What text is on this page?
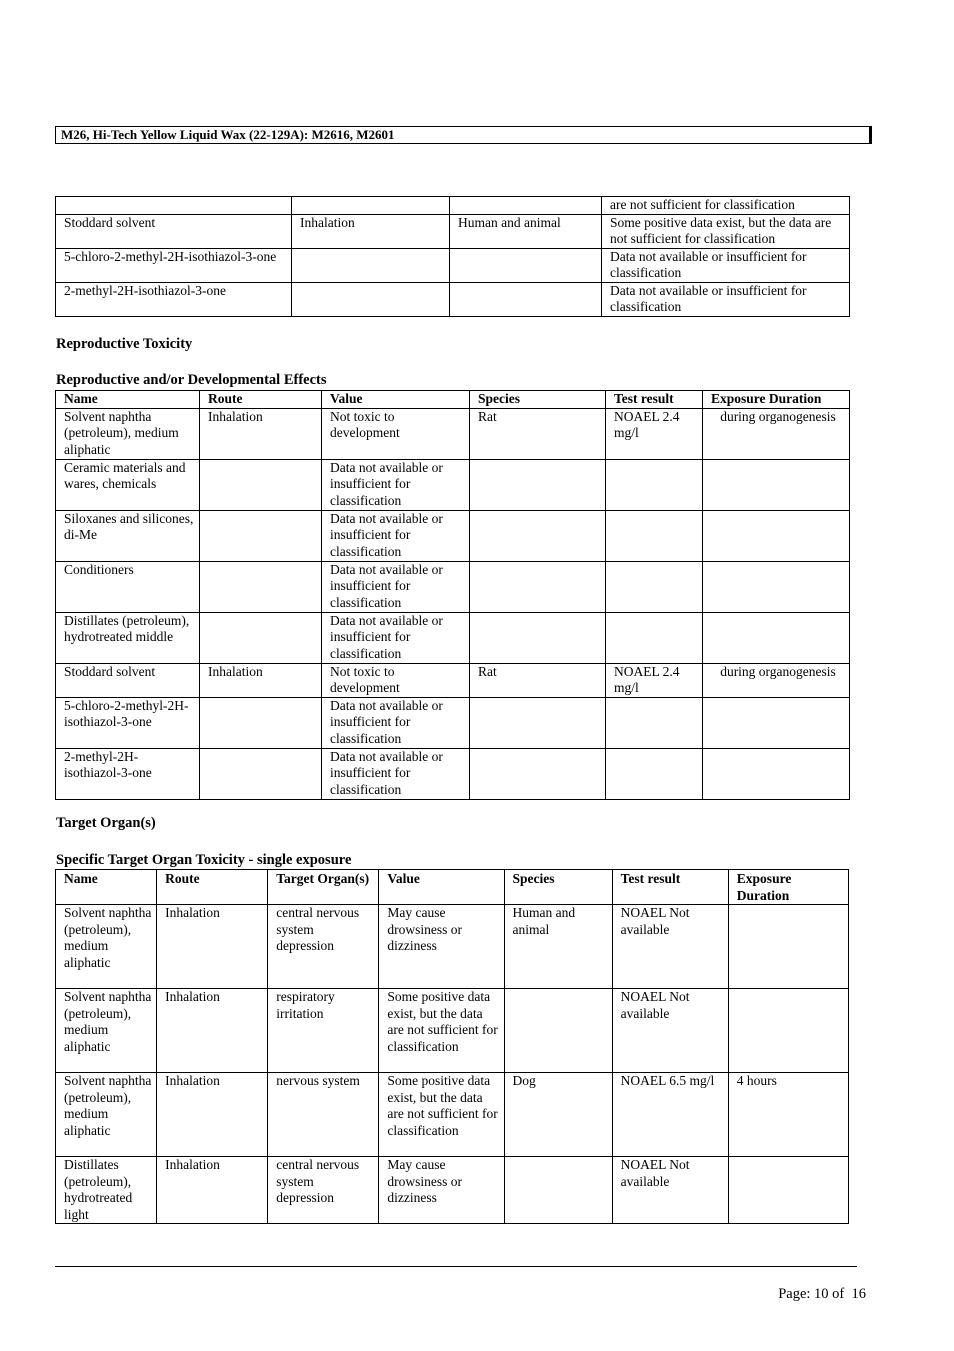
M26, Hi-Tech Yellow Liquid Wax (22-129A): M2616, M2601
			are not sufficient for classification
Stoddard solvent	Inhalation	Human and animal	Some positive data exist, but the data are not sufficient for classification
5-chloro-2-methyl-2H-isothiazol-3-one			Data not available or insufficient for classification
2-methyl-2H-isothiazol-3-one			Data not available or insufficient for classification
Reproductive Toxicity
Reproductive and/or Developmental Effects
Name	Route	Value	Species	Test result	Exposure Duration
Solvent naphtha (petroleum), medium aliphatic	Inhalation	Not toxic to development	Rat	NOAEL 2.4 mg/l	during organogenesis
Ceramic materials and wares, chemicals		Data not available or insufficient for classification			
Siloxanes and silicones, di-Me		Data not available or insufficient for classification			
Conditioners		Data not available or insufficient for classification			
Distillates (petroleum), hydrotreated middle		Data not available or insufficient for classification			
Stoddard solvent	Inhalation	Not toxic to development	Rat	NOAEL 2.4 mg/l	during organogenesis
5-chloro-2-methyl-2H-isothiazol-3-one		Data not available or insufficient for classification			
2-methyl-2H-isothiazol-3-one		Data not available or insufficient for classification			
Target Organ(s)
Specific Target Organ Toxicity - single exposure
Name	Route	Target Organ(s)	Value	Species	Test result	Exposure Duration
Solvent naphtha (petroleum), medium aliphatic	Inhalation	central nervous system depression	May cause drowsiness or dizziness	Human and animal	NOAEL Not available	
Solvent naphtha (petroleum), medium aliphatic	Inhalation	respiratory irritation	Some positive data exist, but the data are not sufficient for classification		NOAEL Not available	
Solvent naphtha (petroleum), medium aliphatic	Inhalation	nervous system	Some positive data exist, but the data are not sufficient for classification	Dog	NOAEL 6.5 mg/l	4 hours
Distillates (petroleum), hydrotreated light	Inhalation	central nervous system depression	May cause drowsiness or dizziness		NOAEL Not available	
Page: 10 of  16
